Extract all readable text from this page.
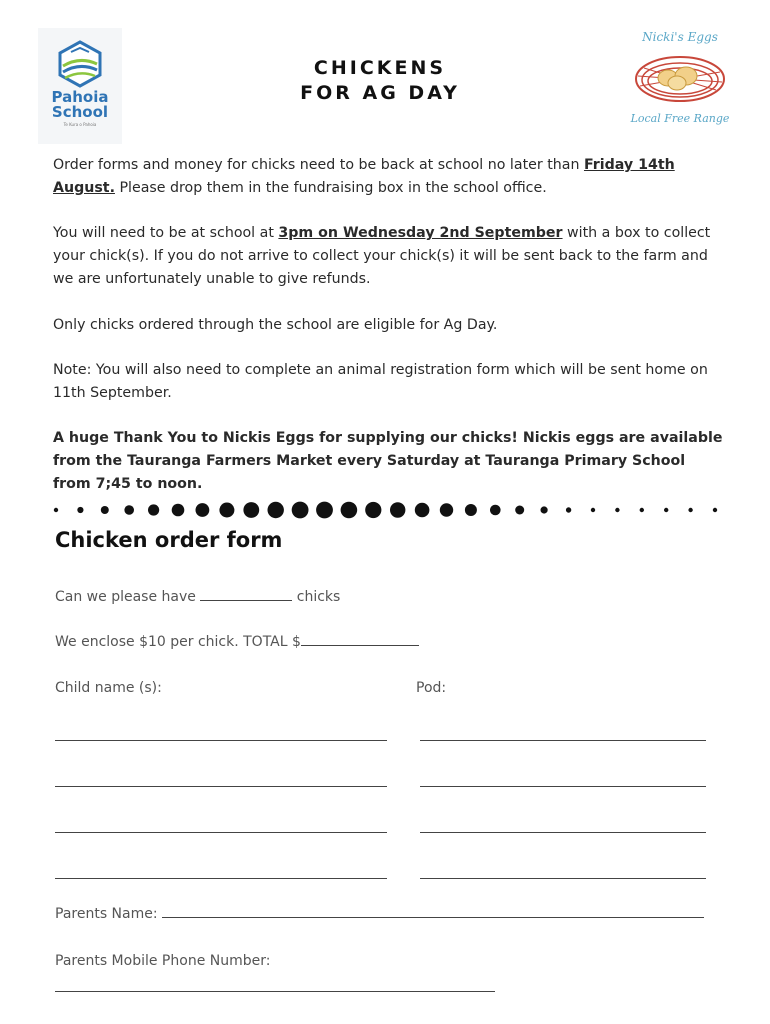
Pahoia
School
Te Kura o Pahoia
CHICKENS
FOR AG DAY
Nicki's Eggs
Local Free Range
Order forms and money for chicks need to be back at school no later than Friday 14th August. Please drop them in the fundraising box in the school office.
You will need to be at school at 3pm on Wednesday 2nd September with a box to collect your chick(s). If you do not arrive to collect your chick(s) it will be sent back to the farm and we are unfortunately unable to give refunds.
Only chicks ordered through the school are eligible for Ag Day.
Note: You will also need to complete an animal registration form which will be sent home on 11th September.
A huge Thank You to Nickis Eggs for supplying our chicks! Nickis eggs are available from the Tauranga Farmers Market every Saturday at Tauranga Primary School from 7;45 to noon.
Chicken order form
Can we please have	chicks
We enclose $10 per chick. TOTAL $
Child name (s):	Pod:
Parents Name:
Parents Mobile Phone Number:
